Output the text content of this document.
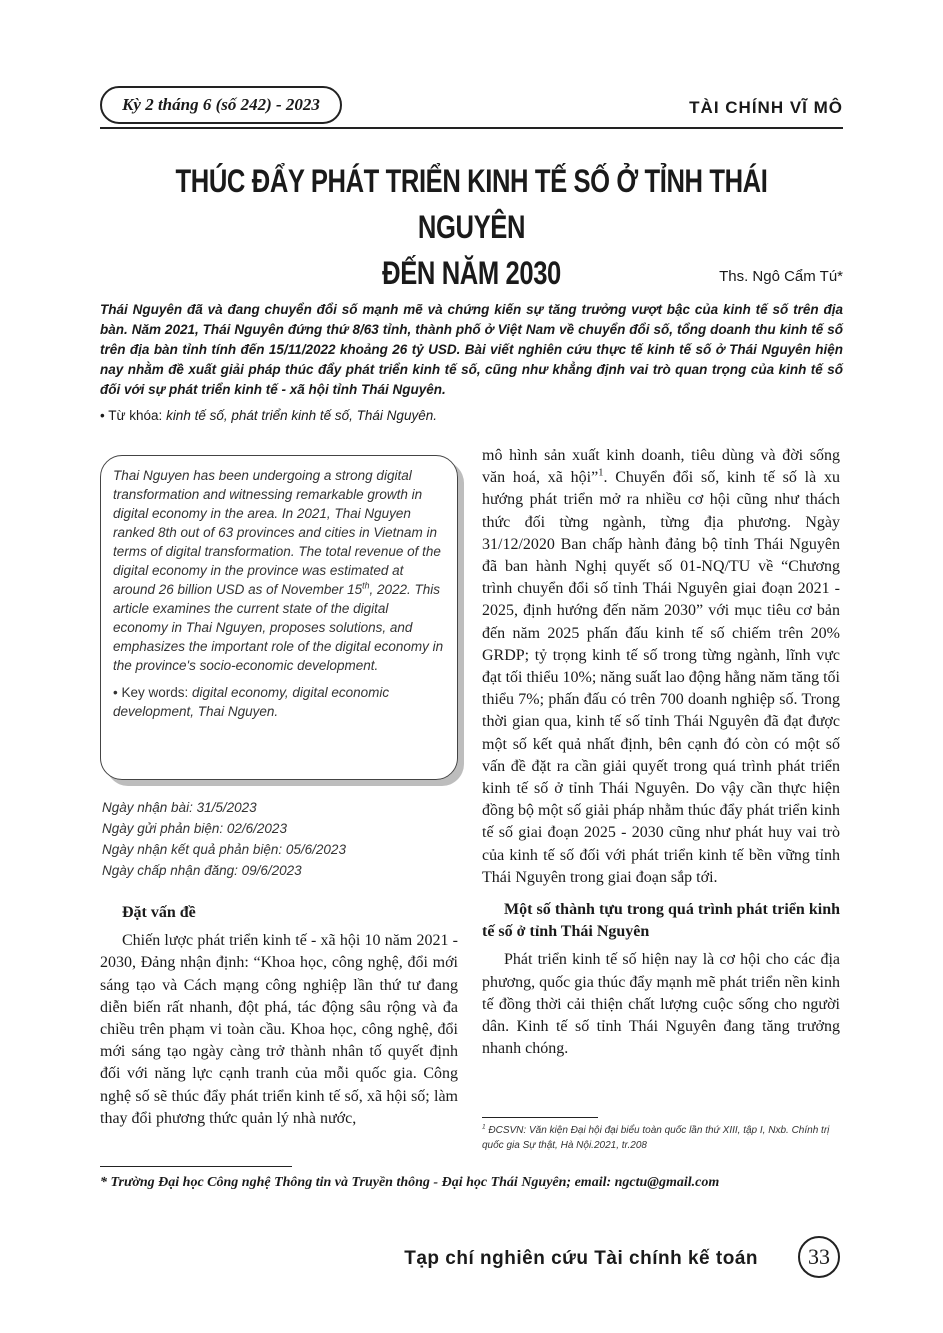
Kỳ 2 tháng 6 (số 242) - 2023	TÀI CHÍNH VĨ MÔ
THÚC ĐẨY PHÁT TRIỂN KINH TẾ SỐ Ở TỈNH THÁI NGUYÊN
ĐẾN NĂM 2030	Ths. Ngô Cẩm Tú*
Thái Nguyên đã và đang chuyển đổi số mạnh mẽ và chứng kiến sự tăng trưởng vượt bậc của kinh tế số trên địa bàn. Năm 2021, Thái Nguyên đứng thứ 8/63 tỉnh, thành phố ở Việt Nam về chuyển đổi số, tổng doanh thu kinh tế số trên địa bàn tỉnh tính đến 15/11/2022 khoảng 26 tỷ USD. Bài viết nghiên cứu thực tế kinh tế số ở Thái Nguyên hiện nay nhằm đề xuất giải pháp thúc đẩy phát triển kinh tế số, cũng như khẳng định vai trò quan trọng của kinh tế số đối với sự phát triển kinh tế - xã hội tỉnh Thái Nguyên.
• Từ khóa: kinh tế số, phát triển kinh tế số, Thái Nguyên.

Thai Nguyen has been undergoing a strong digital transformation and witnessing remarkable growth in digital economy in the area. In 2021, Thai Nguyen ranked 8th out of 63 provinces and cities in Vietnam in terms of digital transformation. The total revenue of the digital economy in the province was estimated at around 26 billion USD as of November 15th, 2022. This article examines the current state of the digital economy in Thai Nguyen, proposes solutions, and emphasizes the important role of the digital economy in the province's socio-economic development.

• Key words: digital economy, digital economic development, Thai Nguyen.

Ngày nhận bài: 31/5/2023
Ngày gửi phản biện: 02/6/2023
Ngày nhận kết quả phản biện: 05/6/2023
Ngày chấp nhận đăng: 09/6/2023

Đặt vấn đề

Chiến lược phát triển kinh tế - xã hội 10 năm 2021 - 2030, Đảng nhận định: “Khoa học, công nghệ, đổi mới sáng tạo và Cách mạng công nghiệp lần thứ tư đang diễn biến rất nhanh, đột phá, tác động sâu rộng và đa chiều trên phạm vi toàn cầu. Khoa học, công nghệ, đổi mới sáng tạo ngày càng trở thành nhân tố quyết định đối với năng lực cạnh tranh của mỗi quốc gia. Công nghệ số sẽ thúc đẩy phát triển kinh tế số, xã hội số; làm thay đổi phương thức quản lý nhà nước,

mô hình sản xuất kinh doanh, tiêu dùng và đời sống văn hoá, xã hội”$^1$. Chuyển đổi số, kinh tế số là xu hướng phát triển mở ra nhiều cơ hội cũng như thách thức đối từng ngành, từng địa phương. Ngày 31/12/2020 Ban chấp hành đảng bộ tỉnh Thái Nguyên đã ban hành Nghị quyết số 01-NQ/TU về “Chương trình chuyển đổi số tỉnh Thái Nguyên giai đoạn 2021 - 2025, định hướng đến năm 2030” với mục tiêu cơ bản đến năm 2025 phấn đấu kinh tế số chiếm trên 20% GRDP; tỷ trọng kinh tế số trong từng ngành, lĩnh vực đạt tối thiểu 10%; năng suất lao động hằng năm tăng tối thiểu 7%; phấn đấu có trên 700 doanh nghiệp số. Trong thời gian qua, kinh tế số tỉnh Thái Nguyên đã đạt được một số kết quả nhất định, bên cạnh đó còn có một số vấn đề đặt ra cần giải quyết trong quá trình phát triển kinh tế số ở tỉnh Thái Nguyên. Do vậy cần thực hiện đồng bộ một số giải pháp nhằm thúc đẩy phát triển kinh tế số giai đoạn 2025 - 2030 cũng như phát huy vai trò của kinh tế số đối với phát triển kinh tế bền vững tỉnh Thái Nguyên trong giai đoạn sắp tới.

Một số thành tựu trong quá trình phát triển kinh tế số ở tỉnh Thái Nguyên

Phát triển kinh tế số hiện nay là cơ hội cho các địa phương, quốc gia thúc đẩy mạnh mẽ phát triển nền kinh tế đồng thời cải thiện chất lượng cuộc sống cho người dân. Kinh tế số tỉnh Thái Nguyên đang tăng trưởng nhanh chóng.

$^1$ ĐCSVN: Văn kiện Đại hội đại biểu toàn quốc lần thứ XIII, tập I, Nxb. Chính trị quốc gia Sự thật, Hà Nội.2021, tr.208
* Trường Đại học Công nghệ Thông tin và Truyền thông - Đại học Thái Nguyên; email: ngctu@gmail.com
Tạp chí nghiên cứu Tài chính kế toán	33
